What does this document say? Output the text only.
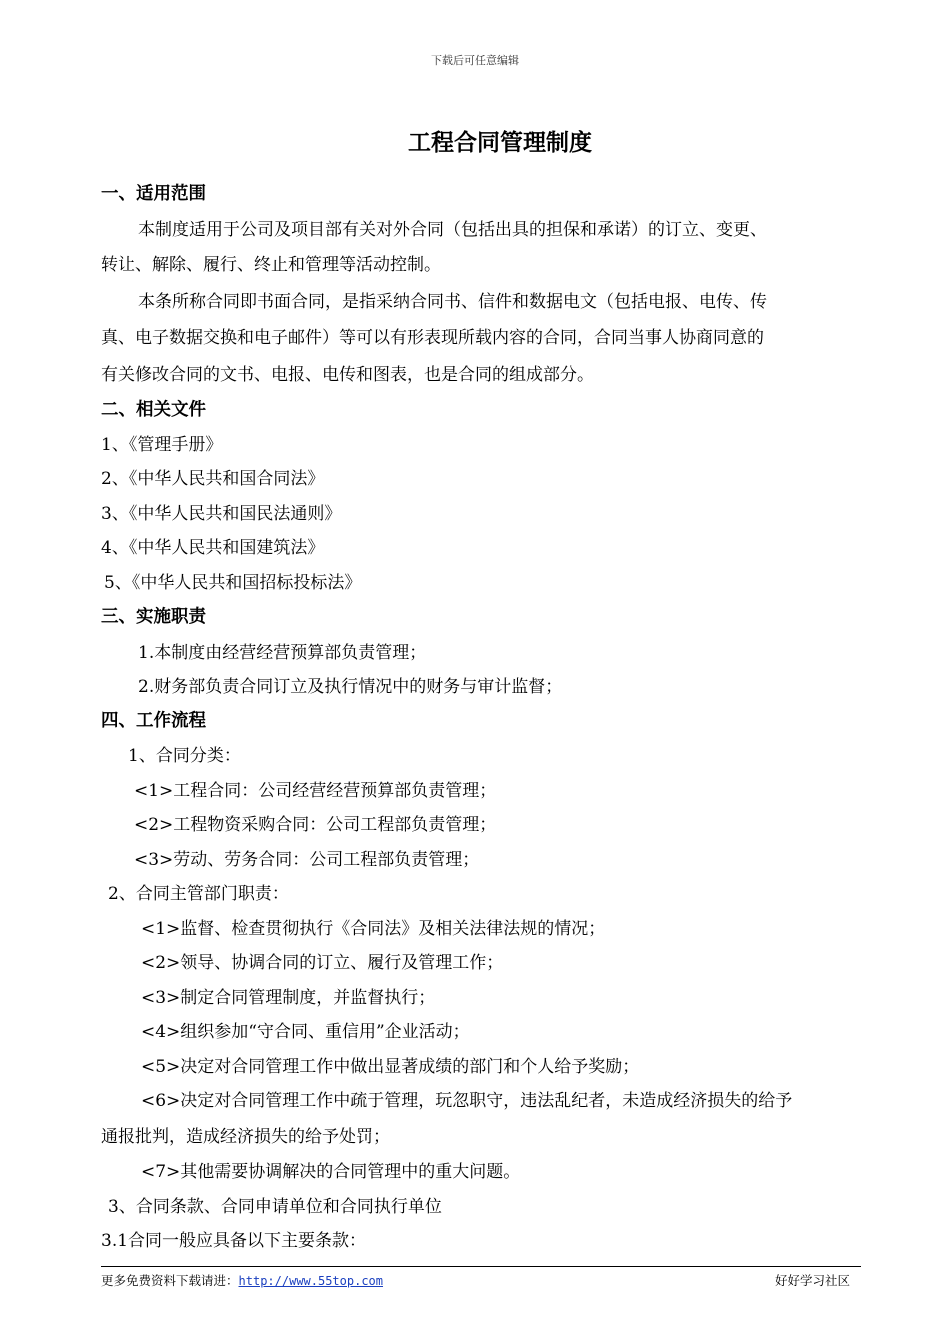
下载后可任意编辑
工程合同管理制度
一、适用范围
本制度适用于公司及项目部有关对外合同（包括出具的担保和承诺）的订立、变更、
转让、解除、履行、终止和管理等活动控制。
本条所称合同即书面合同，是指采纳合同书、信件和数据电文（包括电报、电传、传
真、电子数据交换和电子邮件）等可以有形表现所载内容的合同，合同当事人协商同意的
有关修改合同的文书、电报、电传和图表，也是合同的组成部分。
二、相关文件
1、《管理手册》
2、《中华人民共和国合同法》
3、《中华人民共和国民法通则》
4、《中华人民共和国建筑法》
5、《中华人民共和国招标投标法》
三、实施职责
1.本制度由经营经营预算部负责管理；
2.财务部负责合同订立及执行情况中的财务与审计监督；
四、工作流程
1、合同分类：
<1>工程合同：公司经营经营预算部负责管理；
<2>工程物资采购合同：公司工程部负责管理；
<3>劳动、劳务合同：公司工程部负责管理；
2、合同主管部门职责：
<1>监督、检查贯彻执行《合同法》及相关法律法规的情况；
<2>领导、协调合同的订立、履行及管理工作；
<3>制定合同管理制度，并监督执行；
<4>组织参加“守合同、重信用”企业活动；
<5>决定对合同管理工作中做出显著成绩的部门和个人给予奖励；
<6>决定对合同管理工作中疏于管理，玩忽职守，违法乱纪者，未造成经济损失的给予
通报批判，造成经济损失的给予处罚；
<7>其他需要协调解决的合同管理中的重大问题。
3、合同条款、合同申请单位和合同执行单位
3.1合同一般应具备以下主要条款：
更多免费资料下载请进：http://www.55top.com	好好学习社区
